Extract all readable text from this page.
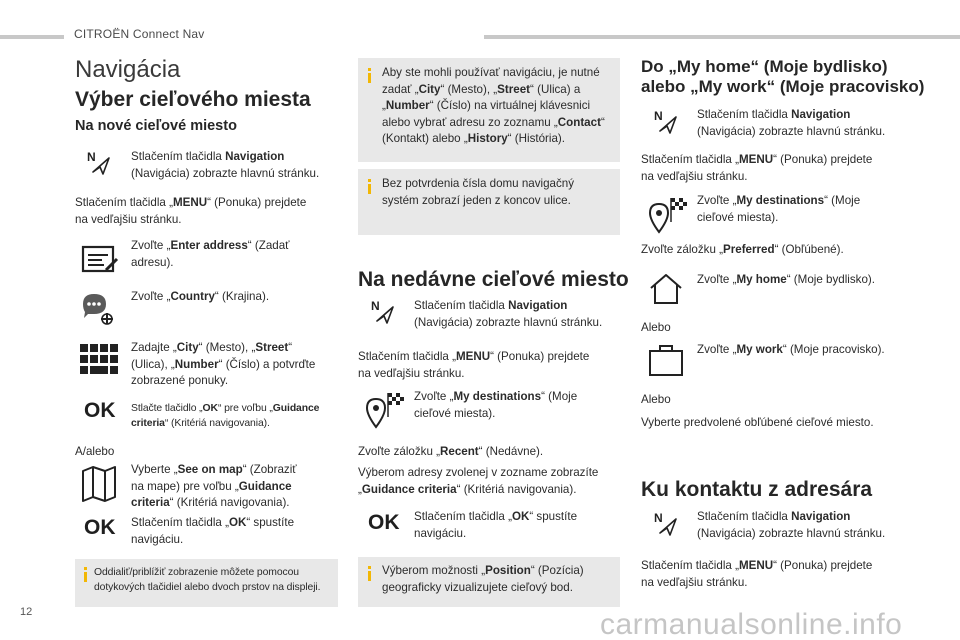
CITROËN Connect Nav
Navigácia
Výber cieľového miesta
Na nové cieľové miesto
N	Stlačením tlačidla Navigation
(Navigácia) zobrazte hlavnú stránku.
Stlačením tlačidla „MENU“ (Ponuka) prejdete
na vedľajšiu stránku.
Zvoľte „Enter address“ (Zadať
adresu).
Zvoľte „Country“ (Krajina).
Zadajte „City“ (Mesto), „Street“
(Ulica), „Number“ (Číslo) a potvrďte
zobrazené ponuky.
OK Stlačte tlačidlo „OK“ pre voľbu „Guidance
criteria“ (Kritériá navigovania).
A/alebo
Vyberte „See on map“ (Zobraziť
na mape) pre voľbu „Guidance
criteria“ (Kritériá navigovania).
OK Stlačením tlačidla „OK“ spustíte
navigáciu.
Oddialiť/priblížiť zobrazenie môžete pomocou
dotykových tlačidiel alebo dvoch prstov na displeji.
Aby ste mohli používať navigáciu, je nutné
zadať „City“ (Mesto), „Street“ (Ulica) a
„Number“ (Číslo) na virtuálnej klávesnici
alebo vybrať adresu zo zoznamu „Contact“
(Kontakt) alebo „History“ (História).
Bez potvrdenia čísla domu navigačný
systém zobrazí jeden z koncov ulice.
Na nedávne cieľové miesto
N	Stlačením tlačidla Navigation
(Navigácia) zobrazte hlavnú stránku.
Stlačením tlačidla „MENU“ (Ponuka) prejdete
na vedľajšiu stránku.
Zvoľte „My destinations“ (Moje
cieľové miesta).
Zvoľte záložku „Recent“ (Nedávne).
Výberom adresy zvolenej v zozname zobrazíte
„Guidance criteria“ (Kritériá navigovania).
OK Stlačením tlačidla „OK“ spustíte
navigáciu.
Výberom možnosti „Position“ (Pozícia)
geograficky vizualizujete cieľový bod.
Do „My home“ (Moje bydlisko)
alebo „My work“ (Moje pracovisko)
N	Stlačením tlačidla Navigation
(Navigácia) zobrazte hlavnú stránku.
Stlačením tlačidla „MENU“ (Ponuka) prejdete
na vedľajšiu stránku.
Zvoľte „My destinations“ (Moje
cieľové miesta).
Zvoľte záložku „Preferred“ (Obľúbené).
Zvoľte „My home“ (Moje bydlisko).
Alebo
Zvoľte „My work“ (Moje pracovisko).
Alebo
Vyberte predvolené obľúbené cieľové miesto.
Ku kontaktu z adresára
N	Stlačením tlačidla Navigation
(Navigácia) zobrazte hlavnú stránku.
Stlačením tlačidla „MENU“ (Ponuka) prejdete
na vedľajšiu stránku.
12	carmanualsonline.info
